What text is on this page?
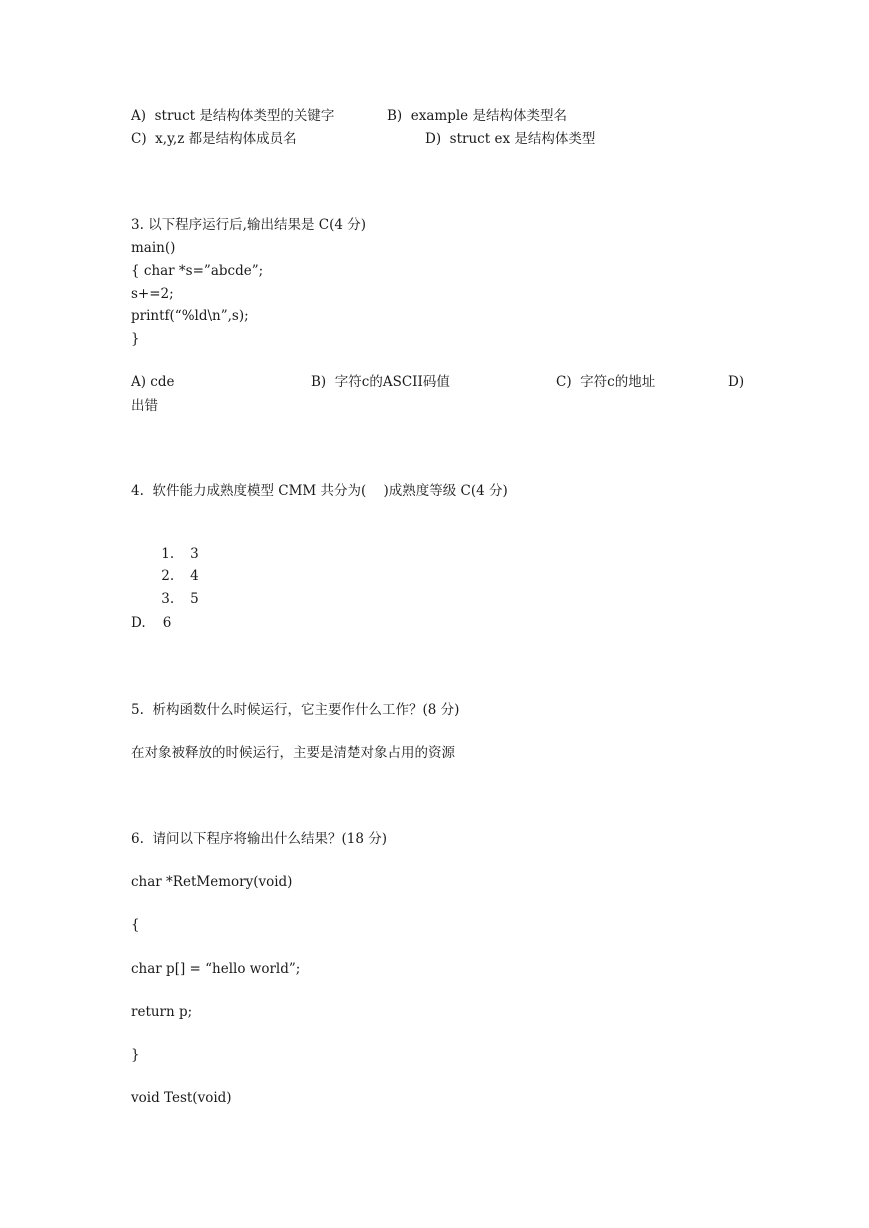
A)  struct 是结构体类型的关键字	B)  example 是结构体类型名
C)  x,y,z 都是结构体成员名	D)  struct ex 是结构体类型
3. 以下程序运行后,输出结果是 C(4 分)
main()
{ char *s=”abcde”;
s+=2;
printf(“%ld\n”,s);
}
A) cde	B)  字符c的ASCII码值	C)  字符c的地址	D)
出错
4.  软件能力成熟度模型 CMM 共分为(    )成熟度等级 C(4 分)

1. 3

2. 4

3. 5

D.    6
5.  析构函数什么时候运行，它主要作什么工作？(8 分)
在对象被释放的时候运行，主要是清楚对象占用的资源
6.  请问以下程序将输出什么结果？(18 分)
char *RetMemory(void)
{
char p[] = “hello world”;
return p;
}
void Test(void)
